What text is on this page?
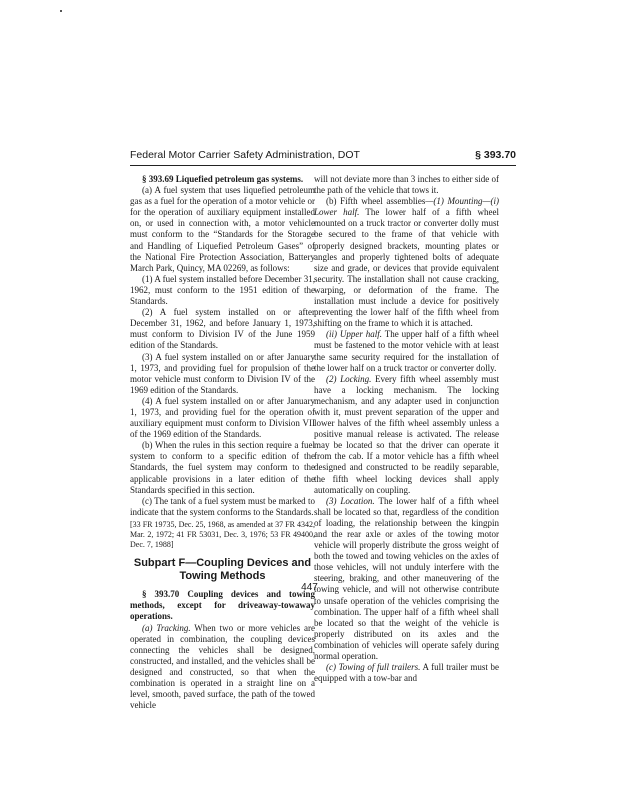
Federal Motor Carrier Safety Administration, DOT	§ 393.70

§ 393.69 Liquefied petroleum gas systems.

(a) A fuel system that uses liquefied petroleum gas as a fuel for the operation of a motor vehicle or for the operation of auxiliary equipment installed on, or used in connection with, a motor vehicle must conform to the “Standards for the Storage and Handling of Liquefied Petroleum Gases” of the National Fire Protection Association, Battery March Park, Quincy, MA 02269, as follows:

(1) A fuel system installed before December 31, 1962, must conform to the 1951 edition of the Standards.

(2) A fuel system installed on or after December 31, 1962, and before January 1, 1973, must conform to Division IV of the June 1959 edition of the Standards.

(3) A fuel system installed on or after January 1, 1973, and providing fuel for propulsion of the motor vehicle must conform to Division IV of the 1969 edition of the Standards.

(4) A fuel system installed on or after January 1, 1973, and providing fuel for the operation of auxiliary equipment must conform to Division VII of the 1969 edition of the Standards.

(b) When the rules in this section require a fuel system to conform to a specific edition of the Standards, the fuel system may conform to the applicable provisions in a later edition of the Standards specified in this section.

(c) The tank of a fuel system must be marked to indicate that the system conforms to the Standards.

[33 FR 19735, Dec. 25, 1968, as amended at 37 FR 4342, Mar. 2, 1972; 41 FR 53031, Dec. 3, 1976; 53 FR 49400, Dec. 7, 1988]

Subpart F—Coupling Devices and Towing Methods

§ 393.70 Coupling devices and towing methods, except for driveaway-towaway operations.

(a) Tracking. When two or more vehicles are operated in combination, the coupling devices connecting the vehicles shall be designed, constructed, and installed, and the vehicles shall be designed and constructed, so that when the combination is operated in a straight line on a level, smooth, paved surface, the path of the towed vehicle

will not deviate more than 3 inches to either side of the path of the vehicle that tows it.

(b) Fifth wheel assemblies—(1) Mounting—(i) Lower half. The lower half of a fifth wheel mounted on a truck tractor or converter dolly must be secured to the frame of that vehicle with properly designed brackets, mounting plates or angles and properly tightened bolts of adequate size and grade, or devices that provide equivalent security. The installation shall not cause cracking, warping, or deformation of the frame. The installation must include a device for positively preventing the lower half of the fifth wheel from shifting on the frame to which it is attached.

(ii) Upper half. The upper half of a fifth wheel must be fastened to the motor vehicle with at least the same security required for the installation of the lower half on a truck tractor or converter dolly.

(2) Locking. Every fifth wheel assembly must have a locking mechanism. The locking mechanism, and any adapter used in conjunction with it, must prevent separation of the upper and lower halves of the fifth wheel assembly unless a positive manual release is activated. The release may be located so that the driver can operate it from the cab. If a motor vehicle has a fifth wheel designed and constructed to be readily separable, the fifth wheel locking devices shall apply automatically on coupling.

(3) Location. The lower half of a fifth wheel shall be located so that, regardless of the condition of loading, the relationship between the kingpin and the rear axle or axles of the towing motor vehicle will properly distribute the gross weight of both the towed and towing vehicles on the axles of those vehicles, will not unduly interfere with the steering, braking, and other maneuvering of the towing vehicle, and will not otherwise contribute to unsafe operation of the vehicles comprising the combination. The upper half of a fifth wheel shall be located so that the weight of the vehicle is properly distributed on its axles and the combination of vehicles will operate safely during normal operation.

(c) Towing of full trailers. A full trailer must be equipped with a tow-bar and

447
